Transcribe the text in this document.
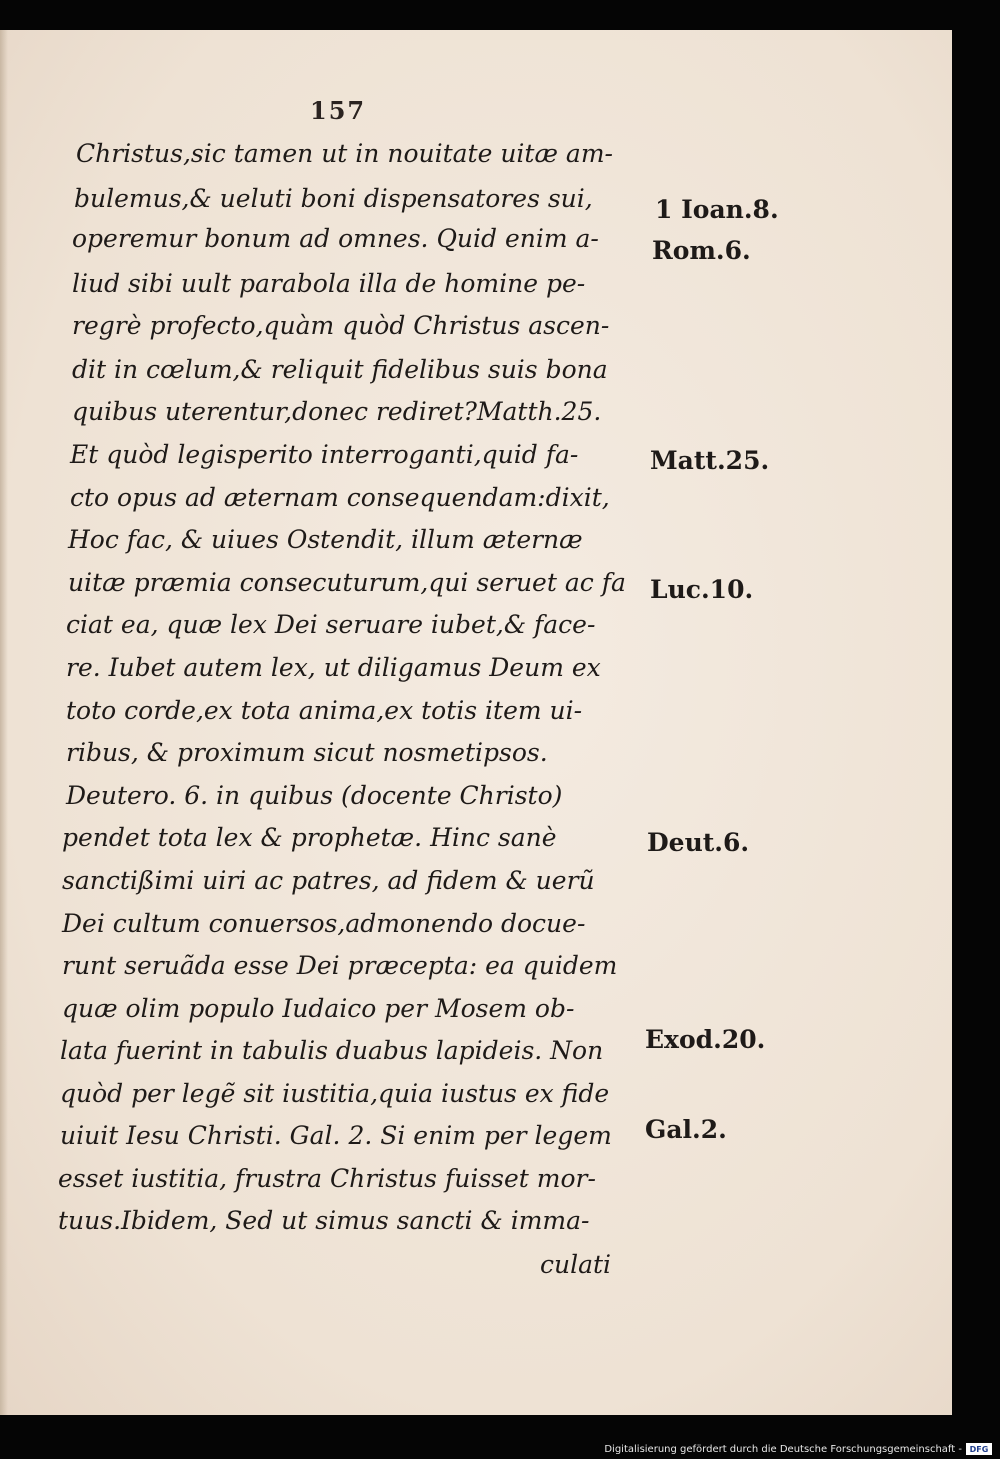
157
Christus,sic tamen ut in nouitate uitæ am-
bulemus,& ueluti boni dispensatores sui,
operemur bonum ad omnes. Quid enim a-
liud sibi uult parabola illa de homine pe-
regrè profecto,quàm quòd Christus ascen-
dit in cœlum,& reliquit fidelibus suis bona
quibus uterentur,donec rediret?Matth.25.
Et quòd legisperito interroganti,quid fa-
cto opus ad æternam consequendam:dixit,
Hoc fac, & uiues Ostendit, illum æternæ
uitæ præmia consecuturum,qui seruet ac fa
ciat ea, quæ lex Dei seruare iubet,& face-
re. Iubet autem lex, ut diligamus Deum ex
toto corde,ex tota anima,ex totis item ui-
ribus, & proximum sicut nosmetipsos.
Deutero. 6. in quibus (docente Christo)
pendet tota lex & prophetæ. Hinc sanè
sanctißimi uiri ac patres, ad fidem & uerũ
Dei cultum conuersos,admonendo docue-
runt seruãda esse Dei præcepta: ea quidem
quæ olim populo Iudaico per Mosem ob-
lata fuerint in tabulis duabus lapideis. Non
quòd per legẽ sit iustitia,quia iustus ex fide
uiuit Iesu Christi. Gal. 2. Si enim per legem
esset iustitia, frustra Christus fuisset mor-
tuus.Ibidem, Sed ut simus sancti & imma-
culati
1 Ioan.8.
Rom.6.
Matt.25.
Luc.10.
Deut.6.
Exod.20.
Gal.2.
Digitalisierung gefördert durch die Deutsche Forschungsgemeinschaft - DFG
